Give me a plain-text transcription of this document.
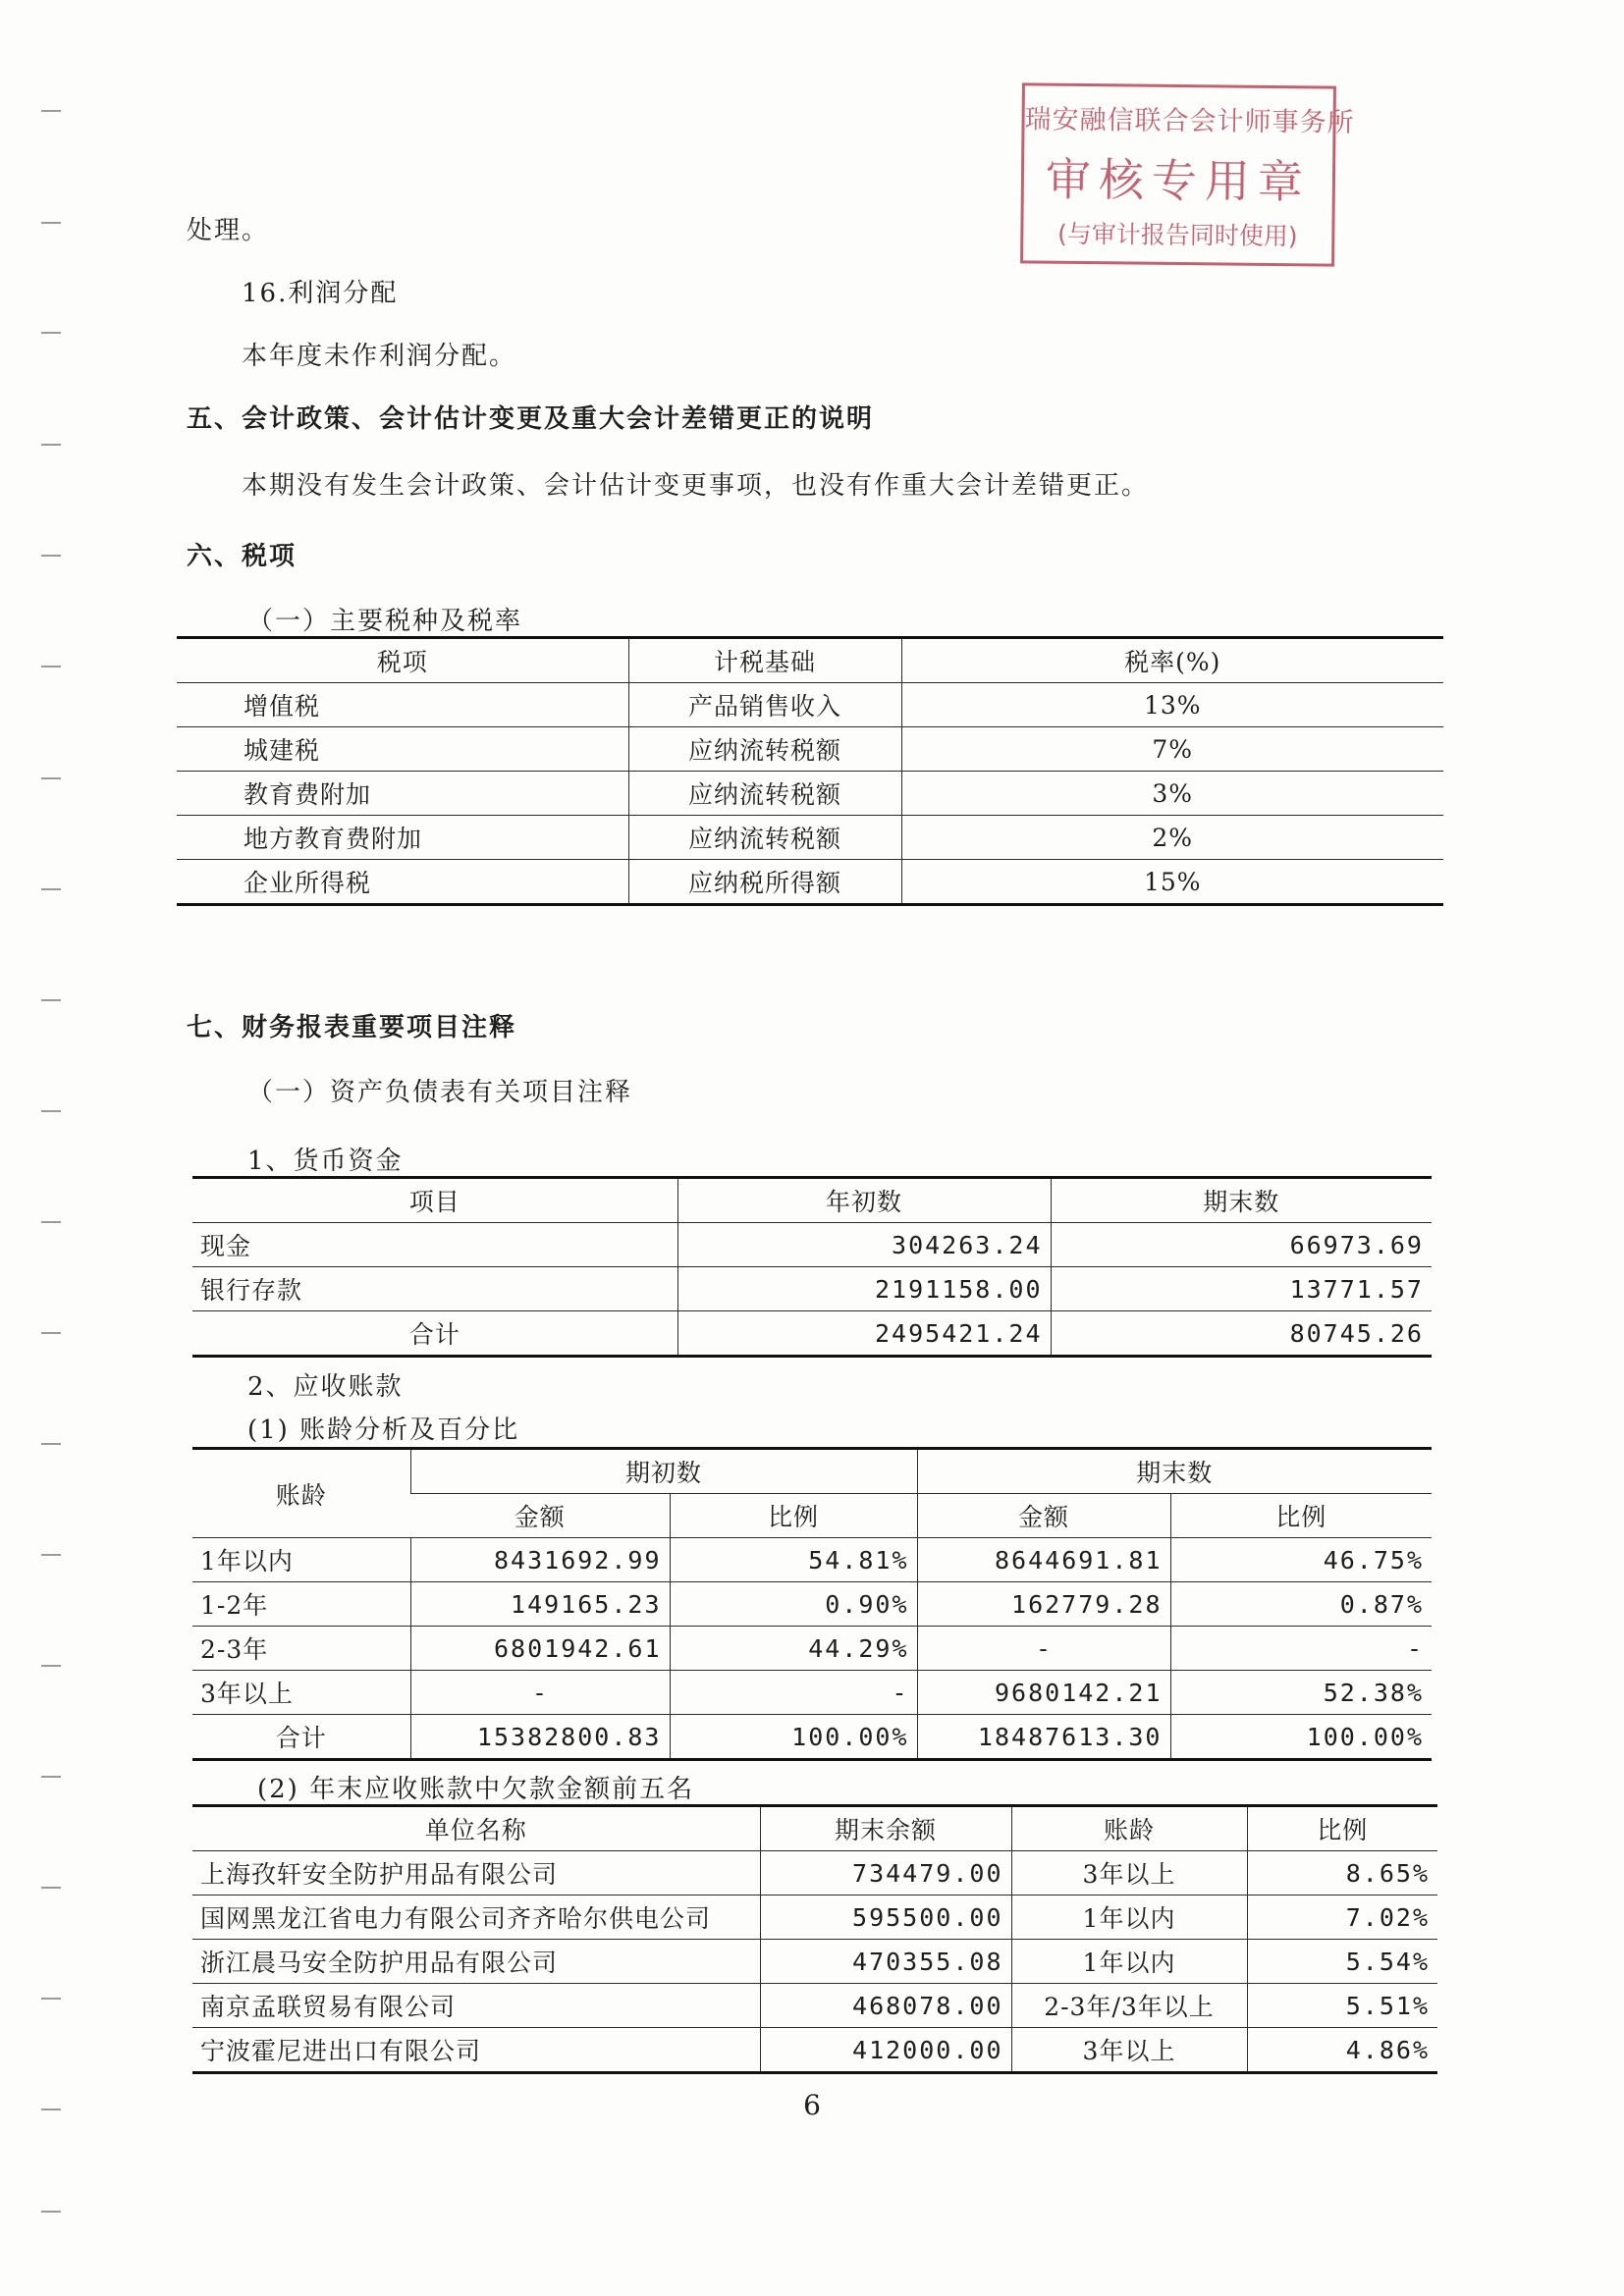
瑞安融信联合会计师事务所
审核专用章
(与审计报告同时使用)
处理。
16.利润分配
本年度未作利润分配。
五、会计政策、会计估计变更及重大会计差错更正的说明
本期没有发生会计政策、会计估计变更事项，也没有作重大会计差错更正。
六、税项
（一）主要税种及税率
税项	计税基础	税率(%)
增值税	产品销售收入	13%
城建税	应纳流转税额	7%
教育费附加	应纳流转税额	3%
地方教育费附加	应纳流转税额	2%
企业所得税	应纳税所得额	15%
七、财务报表重要项目注释
（一）资产负债表有关项目注释
1、货币资金
项目	年初数	期末数
现金	304263.24	66973.69
银行存款	2191158.00	13771.57
合计	2495421.24	80745.26
2、应收账款
(1) 账龄分析及百分比
账龄	期初数		期末数	
	金额	比例	金额	比例
1年以内	8431692.99	54.81%	8644691.81	46.75%
1-2年	149165.23	0.90%	162779.28	0.87%
2-3年	6801942.61	44.29%	-	-
3年以上	-	-	9680142.21	52.38%
合计	15382800.83	100.00%	18487613.30	100.00%
(2) 年末应收账款中欠款金额前五名
单位名称	期末余额	账龄	比例
上海孜轩安全防护用品有限公司	734479.00	3年以上	8.65%
国网黑龙江省电力有限公司齐齐哈尔供电公司	595500.00	1年以内	7.02%
浙江晨马安全防护用品有限公司	470355.08	1年以内	5.54%
南京孟联贸易有限公司	468078.00	2-3年/3年以上	5.51%
宁波霍尼进出口有限公司	412000.00	3年以上	4.86%
6
